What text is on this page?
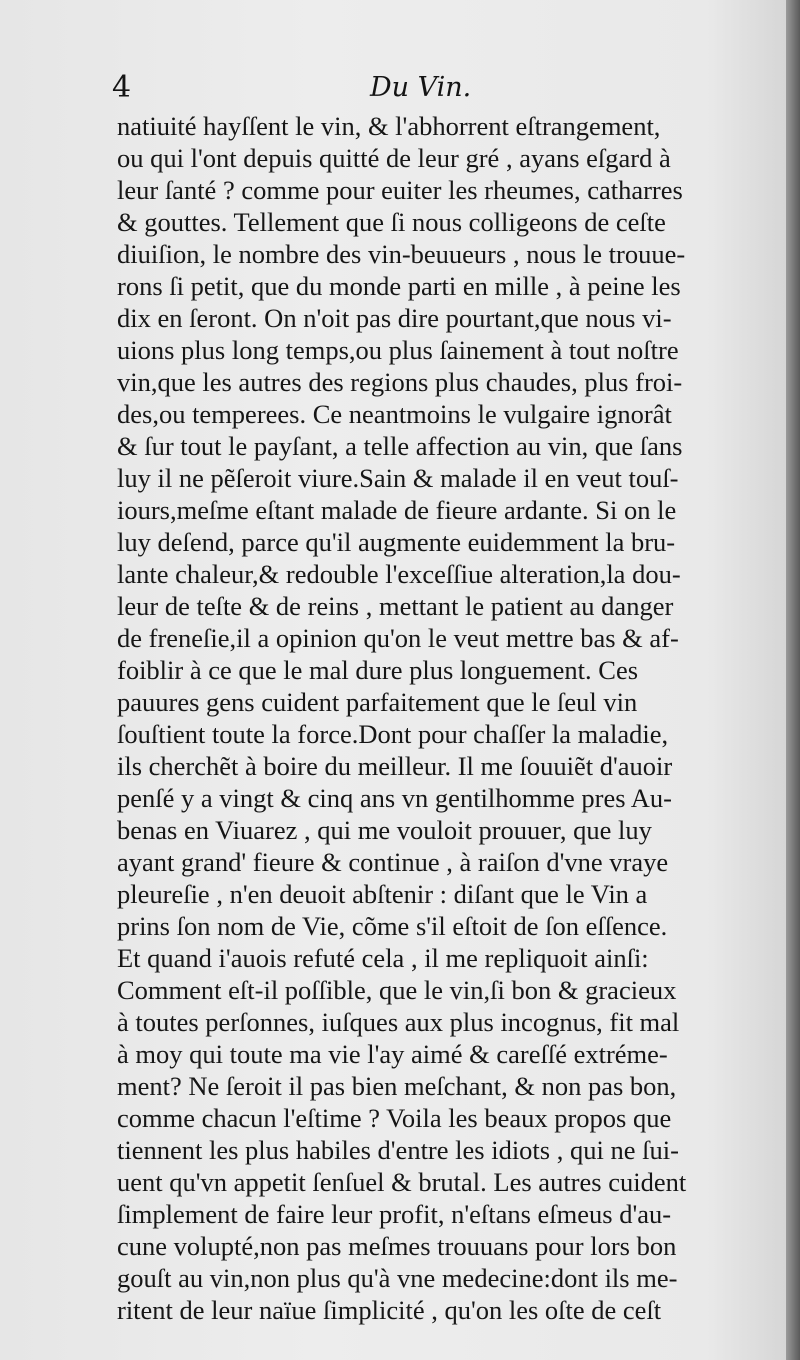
4	Du Vin.
natiuité hayſſent le vin, & l'abhorrent eſtrangement,
ou qui l'ont depuis quitté de leur gré , ayans eſgard à
leur ſanté ? comme pour euiter les rheumes, catharres
& gouttes. Tellement que ſi nous colligeons de ceſte
diuiſion, le nombre des vin-beuueurs , nous le trouue-
rons ſi petit, que du monde parti en mille , à peine les
dix en ſeront. On n'oit pas dire pourtant,que nous vi-
uions plus long temps,ou plus ſainement à tout noſtre
vin,que les autres des regions plus chaudes, plus froi-
des,ou temperees. Ce neantmoins le vulgaire ignorât
& ſur tout le payſant, a telle affection au vin, que ſans
luy il ne pẽſeroit viure.Sain & malade il en veut touſ-
iours,meſme eſtant malade de fieure ardante. Si on le
luy deſend, parce qu'il augmente euidemment la bru-
lante chaleur,& redouble l'exceſſiue alteration,la dou-
leur de teſte & de reins , mettant le patient au danger
de freneſie,il a opinion qu'on le veut mettre bas & af-
foiblir à ce que le mal dure plus longuement. Ces
pauures gens cuident parfaitement que le ſeul vin
ſouſtient toute la force.Dont pour chaſſer la maladie,
ils cherchẽt à boire du meilleur. Il me ſouuiẽt d'auoir
penſé y a vingt & cinq ans vn gentilhomme pres Au-
benas en Viuarez , qui me vouloit prouuer, que luy
ayant grand' fieure & continue , à raiſon d'vne vraye
pleureſie , n'en deuoit abſtenir : diſant que le Vin a
prins ſon nom de Vie, cõme s'il eſtoit de ſon eſſence.
Et quand i'auois refuté cela , il me repliquoit ainſi:
Comment eſt-il poſſible, que le vin,ſi bon & gracieux
à toutes perſonnes, iuſques aux plus incognus, fit mal
à moy qui toute ma vie l'ay aimé & careſſé extréme-
ment? Ne ſeroit il pas bien meſchant, & non pas bon,
comme chacun l'eſtime ? Voila les beaux propos que
tiennent les plus habiles d'entre les idiots , qui ne ſui-
uent qu'vn appetit ſenſuel & brutal. Les autres cuident
ſimplement de faire leur profit, n'eſtans eſmeus d'au-
cune volupté,non pas meſmes trouuans pour lors bon
gouſt au vin,non plus qu'à vne medecine:dont ils me-
ritent de leur naïue ſimplicité , qu'on les oſte de ceſt
